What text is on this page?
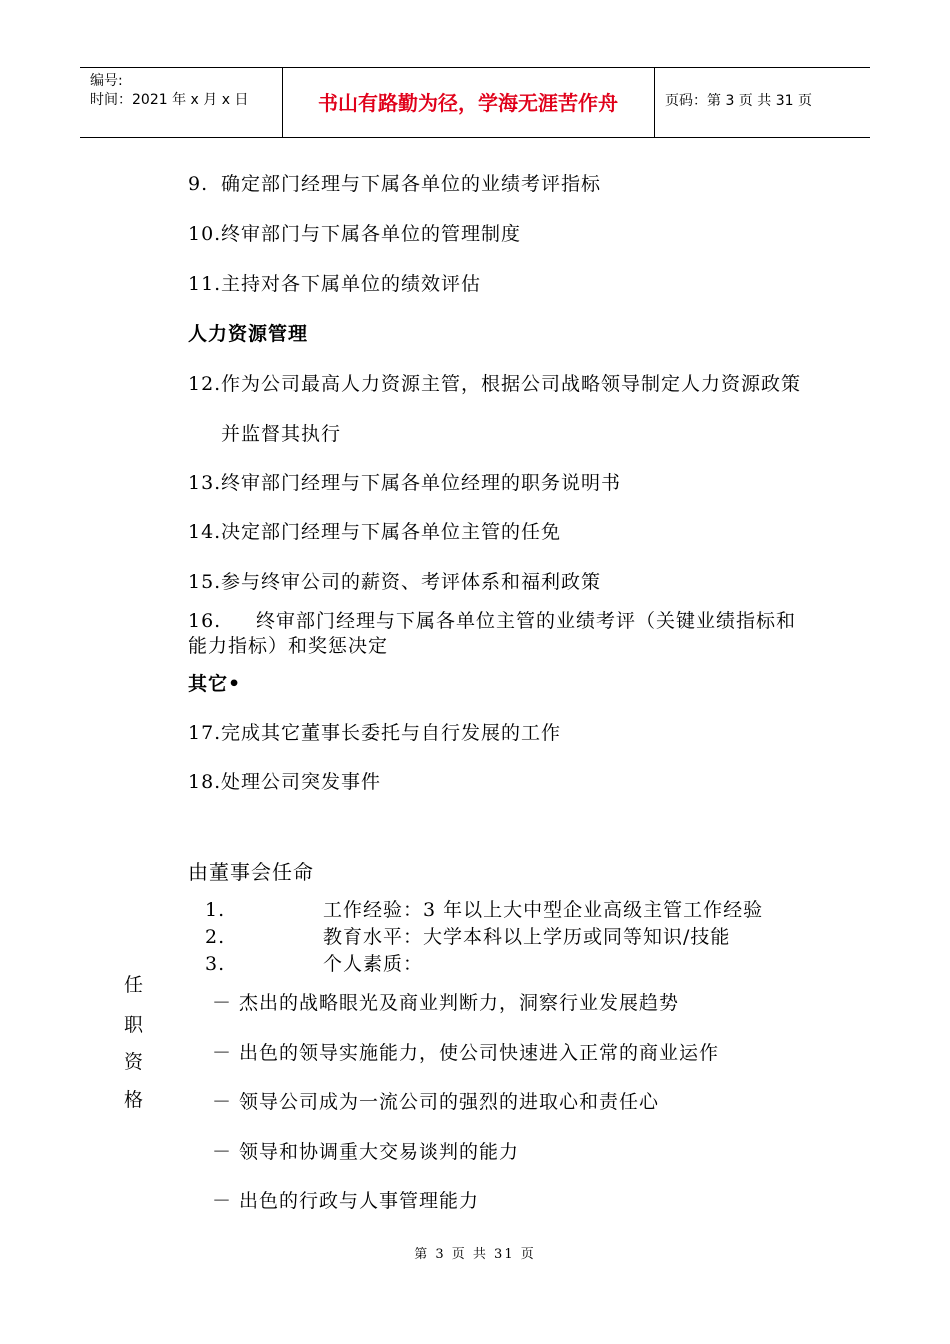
编号:
时间：2021 年 x 月 x 日	书山有路勤为径，学海无涯苦作舟	页码：第 3 页 共 31 页
9. 确定部门经理与下属各单位的业绩考评指标
10.终审部门与下属各单位的管理制度
11.主持对各下属单位的绩效评估
人力资源管理
12.作为公司最高人力资源主管，根据公司战略领导制定人力资源政策
并监督其执行
13.终审部门经理与下属各单位经理的职务说明书
14.决定部门经理与下属各单位主管的任免
15.参与终审公司的薪资、考评体系和福利政策
16. 终审部门经理与下属各单位主管的业绩考评（关键业绩指标和
能力指标）和奖惩决定
其它•
17.完成其它董事长委托与自行发展的工作
18.处理公司突发事件
由董事会任命
任
职
资
格
1.	工作经验：3 年以上大中型企业高级主管工作经验
2.	教育水平：大学本科以上学历或同等知识/技能
3.	个人素质：
－ 杰出的战略眼光及商业判断力，洞察行业发展趋势
－ 出色的领导实施能力，使公司快速进入正常的商业运作
－ 领导公司成为一流公司的强烈的进取心和责任心
－ 领导和协调重大交易谈判的能力
－ 出色的行政与人事管理能力
第 3 页 共 31 页
